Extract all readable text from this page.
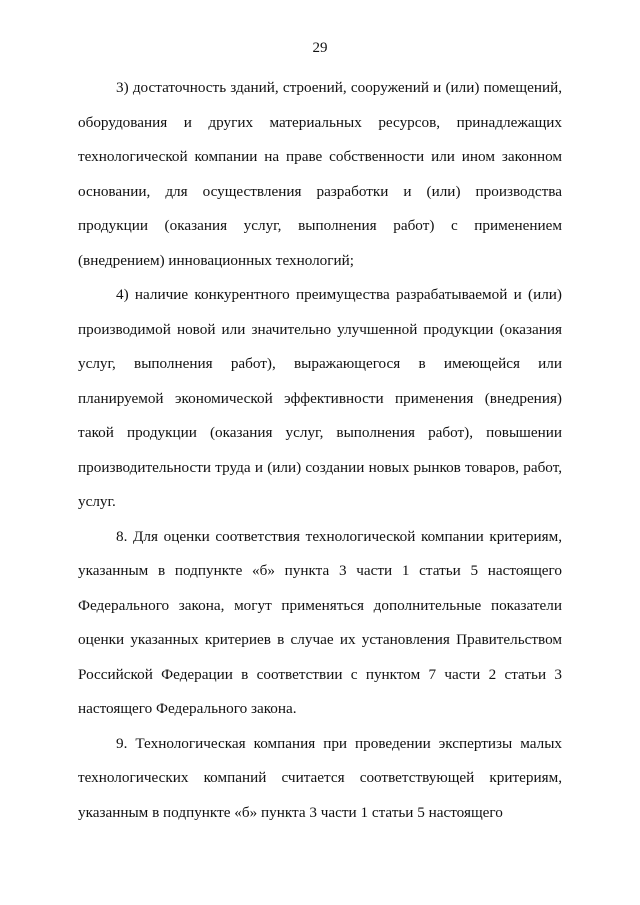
29

3) достаточность зданий, строений, сооружений и (или) помещений, оборудования и других материальных ресурсов, принадлежащих технологической компании на праве собственности или ином законном основании, для осуществления разработки и (или) производства продукции (оказания услуг, выполнения работ) с применением (внедрением) инновационных технологий;

4) наличие конкурентного преимущества разрабатываемой и (или) производимой новой или значительно улучшенной продукции (оказания услуг, выполнения работ), выражающегося в имеющейся или планируемой экономической эффективности применения (внедрения) такой продукции (оказания услуг, выполнения работ), повышении производительности труда и (или) создании новых рынков товаров, работ, услуг.

8. Для оценки соответствия технологической компании критериям, указанным в подпункте «б» пункта 3 части 1 статьи 5 настоящего Федерального закона, могут применяться дополнительные показатели оценки указанных критериев в случае их установления Правительством Российской Федерации в соответствии с пунктом 7 части 2 статьи 3 настоящего Федерального закона.

9. Технологическая компания при проведении экспертизы малых технологических компаний считается соответствующей критериям, указанным в подпункте «б» пункта 3 части 1 статьи 5 настоящего
